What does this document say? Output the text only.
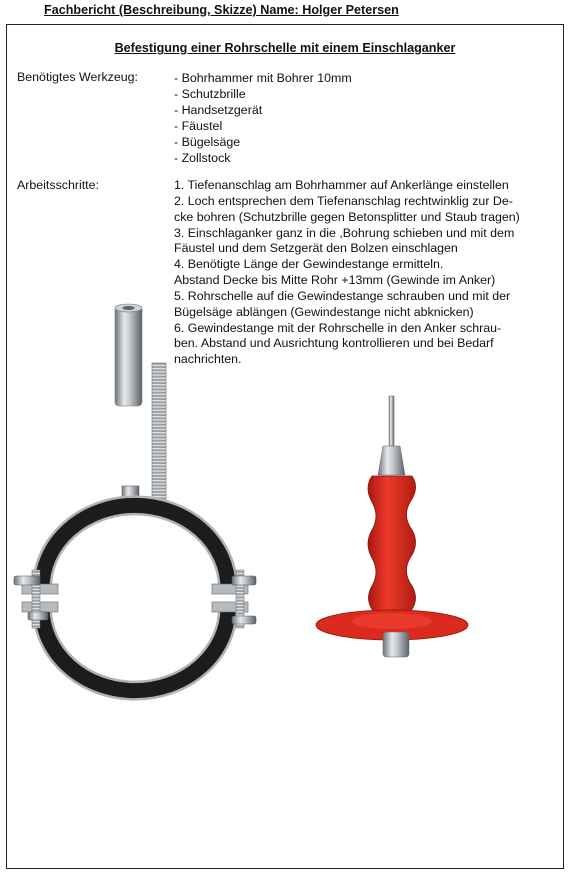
Fachbericht (Beschreibung, Skizze) Name: Holger Petersen
Befestigung einer Rohrschelle mit einem Einschlaganker
Benötigtes Werkzeug:	- Bohrhammer mit Bohrer 10mm
- Schutzbrille
- Handsetzgerät
- Fäustel
- Bügelsäge
- Zollstock
Arbeitsschritte:	1. Tiefenanschlag am Bohrhammer auf Ankerlänge einstellen
2. Loch entsprechen dem Tiefenanschlag rechtwinklig zur De-
cke bohren (Schutzbrille gegen Betonsplitter und Staub tragen)
3. Einschlaganker ganz in die ,Bohrung schieben und mit dem
Fäustel und dem Setzgerät den Bolzen einschlagen
4. Benötigte Länge der Gewindestange ermitteln.
Abstand Decke bis Mitte Rohr +13mm (Gewinde im Anker)
5. Rohrschelle auf die Gewindestange schrauben und mit der
Bügelsäge ablängen (Gewindestange nicht abknicken)
6. Gewindestange mit der Rohrschelle in den Anker schrau-
ben. Abstand und Ausrichtung kontrollieren und bei Bedarf
nachrichten.
